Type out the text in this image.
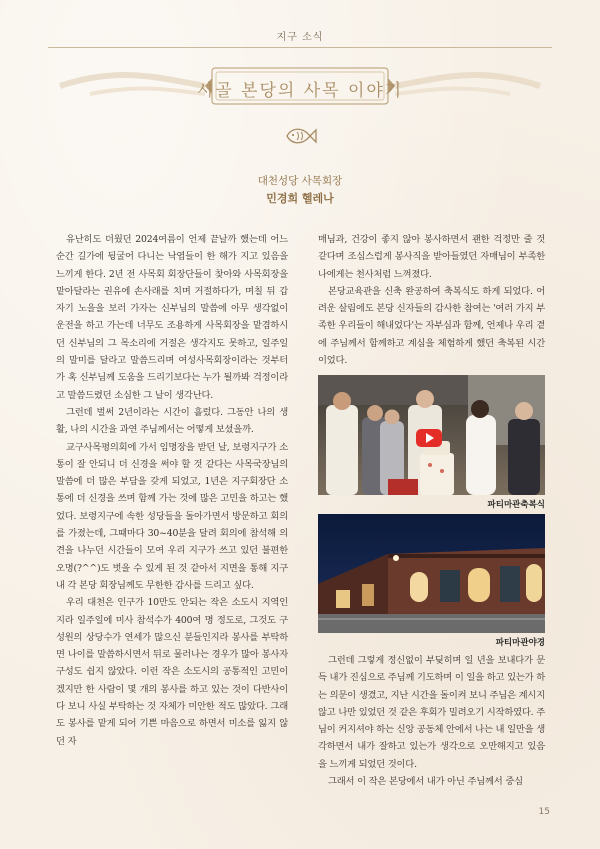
지구 소식
시골 본당의 사목 이야기
대천성당 사목회장
민경희 헬레나

유난히도 더웠던 2024여름이 언제 끝날까 했는데 어느 순간 길가에 뒹굴어 다니는 낙엽들이 한 해가 지고 있음을 느끼게 한다. 2년 전 사목회 회장단들이 찾아와 사목회장을 맡아달라는 권유에 손사래를 치며 거절하다가, 며칠 뒤 갑자기 노을을 보러 가자는 신부님의 말씀에 아무 생각없이 운전을 하고 가는데 너무도 조용하게 사목회장을 맡겸하시던 신부님의 그 목소리에 거절은 생각지도 못하고, 일주일의 말미를 달라고 말씀드리며 여성사목회장이라는 것부터가 혹 신부님께 도움을 드리기보다는 누가 될까봐 걱정이라고 말씀드렸던 소심한 그 날이 생각난다.

그런데 벌써 2년이라는 시간이 흘렀다. 그동안 나의 생활, 나의 시간을 과연 주님께서는 어떻게 보셨을까.

교구사목평의회에 가서 임명장을 받던 날, 보령지구가 소통이 잘 안되니 더 신경을 써야 할 것 같다는 사목국장님의 말씀에 더 많은 부담을 갖게 되었고, 1년은 지구회장단 소통에 더 신경을 쓰며 함께 가는 것에 많은 고민을 하고는 했었다. 보령지구에 속한 성당들을 돌아가면서 방문하고 회의를 가졌는데, 그때마다 30~40분을 달려 회의에 참석해 의견을 나누던 시간들이 모여 우리 지구가 쓰고 있던 불편한 오명(?^^)도 벗을 수 있게 된 것 같아서 지면을 통해 지구 내 각 본당 회장님께도 무한한 감사를 드리고 싶다.

우리 대천은 인구가 10만도 안되는 작은 소도시 지역인지라 일주일에 미사 참석수가 400여 명 정도로, 그것도 구성원의 상당수가 연세가 많으신 분들인지라 봉사를 부탁하면 나이를 말씀하시면서 뒤로 물러나는 경우가 많아 봉사자 구성도 쉽지 않았다. 이런 작은 소도시의 공통적인 고민이겠지만 한 사람이 몇 개의 봉사를 하고 있는 것이 다반사이다 보니 사실 부탁하는 것 자체가 미안한 적도 많았다. 그래도 봉사를 맡게 되어 기쁜 마음으로 하면서 미소를 잃지 않던 자

매님과, 건강이 좋지 않아 봉사하면서 괜한 걱정만 줄 것 같다며 조심스럽게 봉사직을 받아들였던 자매님이 부족한 나에게는 천사처럼 느껴졌다.

본당교육관을 신축 완공하여 축복식도 하게 되었다. 어려운 살림에도 본당 신자들의 감사한 참여는 '여러 가지 부족한 우리들이 해내었다'는 자부심과 함께, 언제나 우리 곁에 주님께서 함께하고 계심을 체험하게 했던 축복된 시간이었다.

파티마관축복식
파티마관야경

그런데 그렇게 정신없이 부딪히며 일 년을 보내다가 문득 내가 진심으로 주님께 기도하며 이 일을 하고 있는가 하는 의문이 생겼고, 지난 시간을 돌이켜 보니 주님은 계시지 않고 나만 있었던 것 같은 후회가 밀려오기 시작하였다. 주님이 커지셔야 하는 신앙 공동체 안에서 나는 내 일만을 생각하면서 내가 잘하고 있는가 생각으로 오만해지고 있음을 느끼게 되었던 것이다.

그래서 이 작은 본당에서 내가 아닌 주님께서 중심

15
